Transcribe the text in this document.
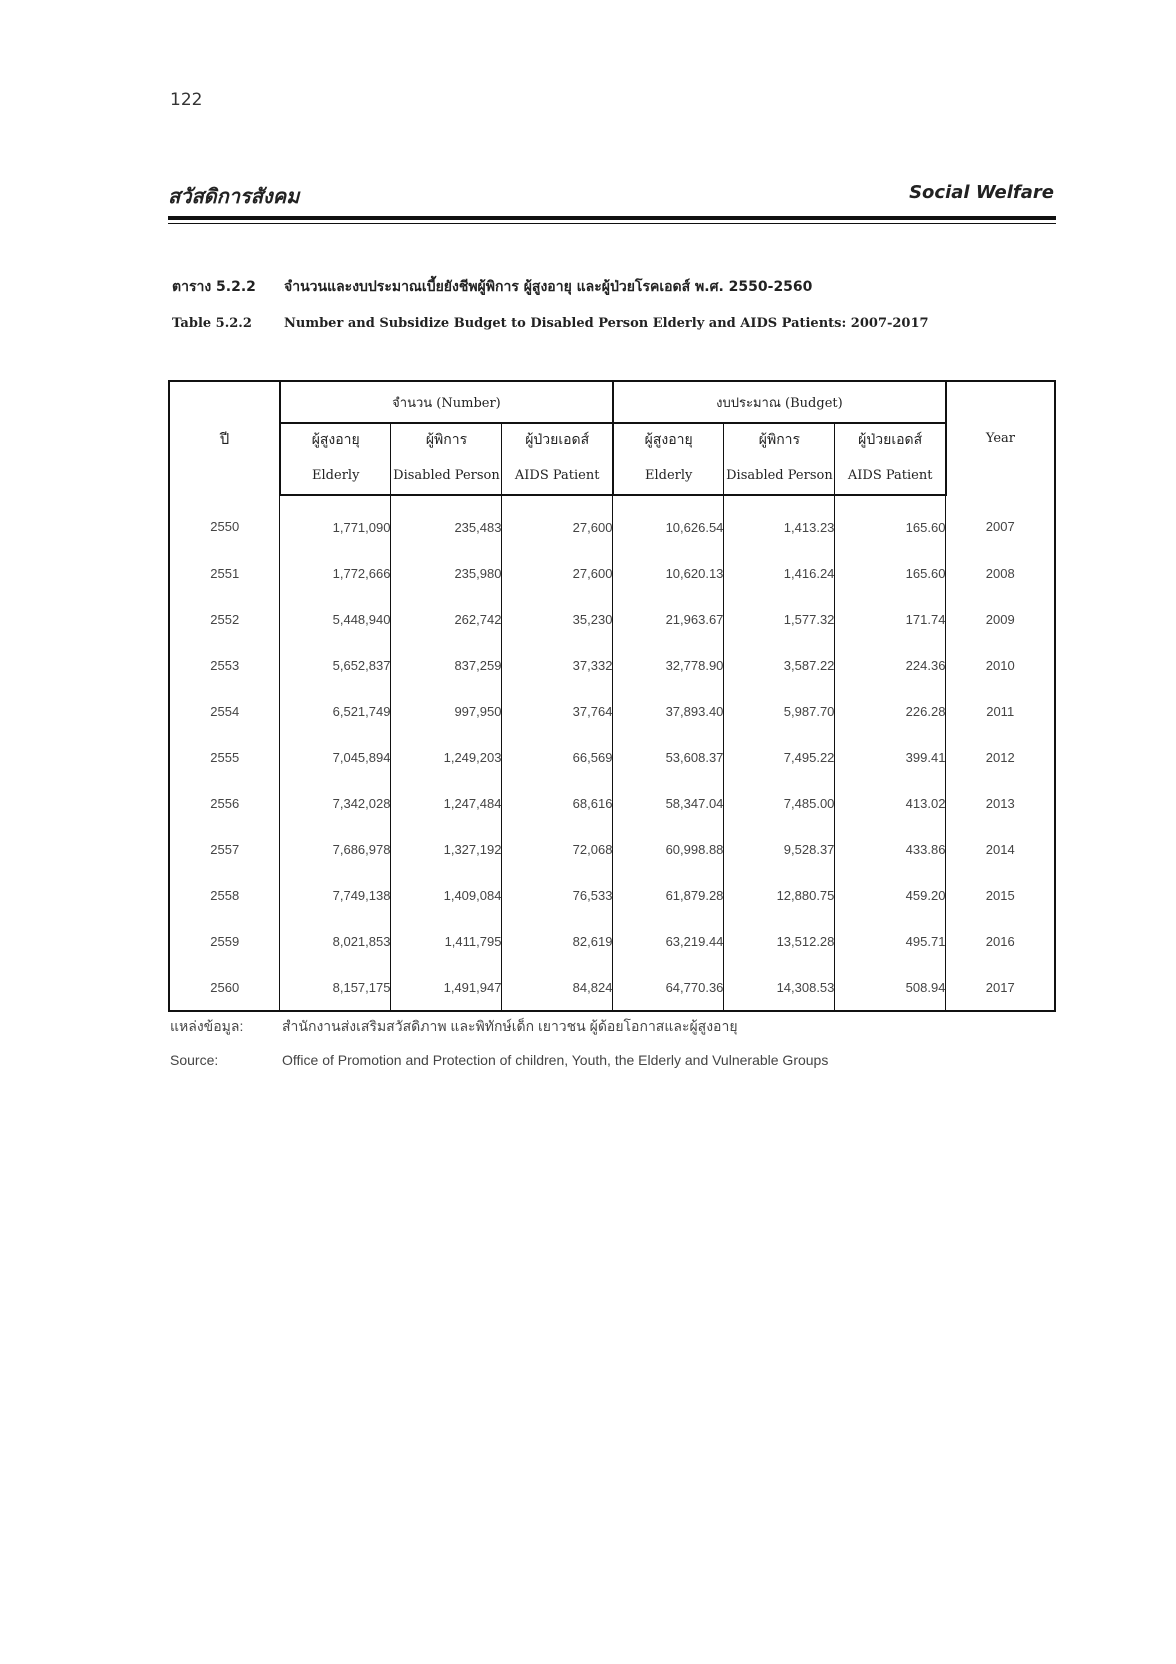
122
สวัสดิการสังคม	Social Welfare
ตาราง 5.2.2 จำนวนและงบประมาณเบี้ยยังชีพผู้พิการ ผู้สูงอายุ และผู้ป่วยโรคเอดส์ พ.ศ. 2550-2560
Table 5.2.2 Number and Subsidize Budget to Disabled Person Elderly and AIDS Patients: 2007-2017
ปี	จำนวน (Number)			งบประมาณ (Budget)			Year
	ผู้สูงอายุ	ผู้พิการ	ผู้ป่วยเอดส์	ผู้สูงอายุ	ผู้พิการ	ผู้ป่วยเอดส์	
	Elderly	Disabled Person	AIDS Patient	Elderly	Disabled Person	AIDS Patient	
2550	1,771,090	235,483	27,600	10,626.54	1,413.23	165.60	2007
2551	1,772,666	235,980	27,600	10,620.13	1,416.24	165.60	2008
2552	5,448,940	262,742	35,230	21,963.67	1,577.32	171.74	2009
2553	5,652,837	837,259	37,332	32,778.90	3,587.22	224.36	2010
2554	6,521,749	997,950	37,764	37,893.40	5,987.70	226.28	2011
2555	7,045,894	1,249,203	66,569	53,608.37	7,495.22	399.41	2012
2556	7,342,028	1,247,484	68,616	58,347.04	7,485.00	413.02	2013
2557	7,686,978	1,327,192	72,068	60,998.88	9,528.37	433.86	2014
2558	7,749,138	1,409,084	76,533	61,879.28	12,880.75	459.20	2015
2559	8,021,853	1,411,795	82,619	63,219.44	13,512.28	495.71	2016
2560	8,157,175	1,491,947	84,824	64,770.36	14,308.53	508.94	2017
แหล่งข้อมูล:	สำนักงานส่งเสริมสวัสดิภาพ และพิทักษ์เด็ก เยาวชน ผู้ด้อยโอกาสและผู้สูงอายุ
Source:	Office of Promotion and Protection of children, Youth, the Elderly and Vulnerable Groups
